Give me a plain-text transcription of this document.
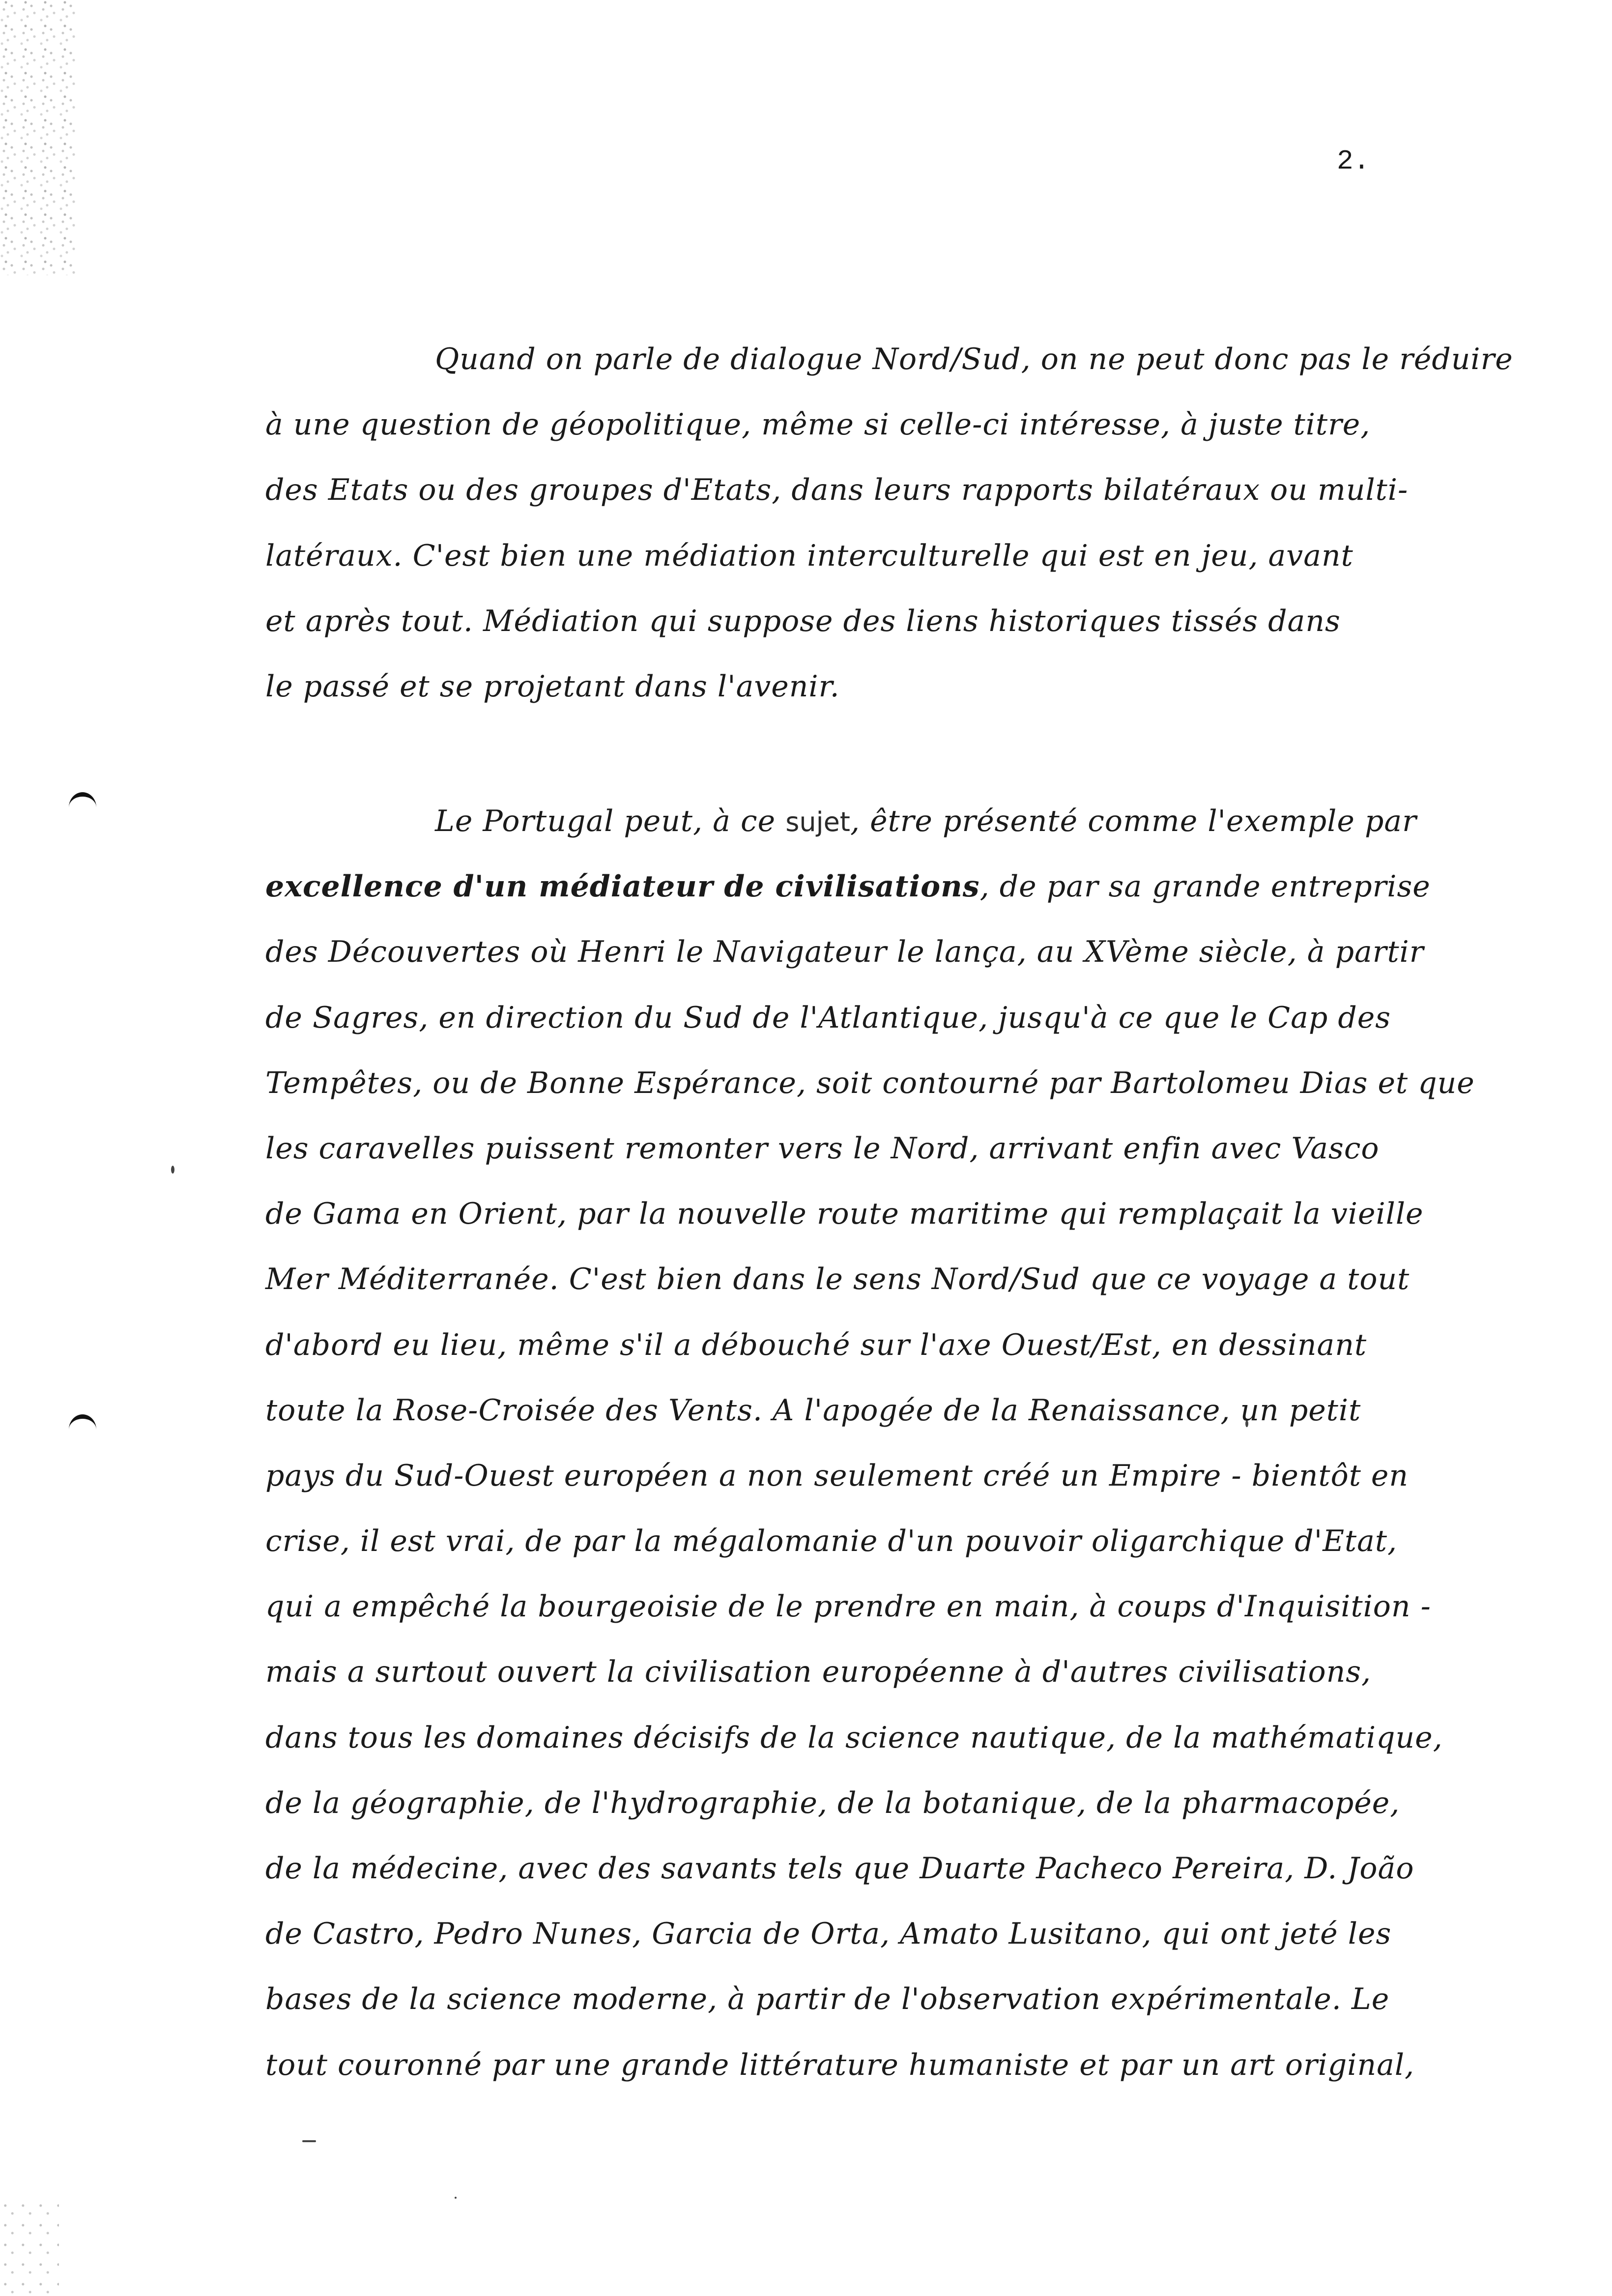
2.
Quand on parle de dialogue Nord/Sud, on ne peut donc pas le réduire
à une question de géopolitique, même si celle-ci intéresse, à juste titre,
des Etats ou des groupes d'Etats, dans leurs rapports bilatéraux ou multi-
latéraux. C'est bien une médiation interculturelle qui est en jeu, avant
et après tout. Médiation qui suppose des liens historiques tissés dans
le passé et se projetant dans l'avenir.
Le Portugal peut, à ce sujet, être présenté comme l'exemple par
excellence d'un médiateur de civilisations, de par sa grande entreprise
des Découvertes où Henri le Navigateur le lança, au XVème siècle, à partir
de Sagres, en direction du Sud de l'Atlantique, jusqu'à ce que le Cap des
Tempêtes, ou de Bonne Espérance, soit contourné par Bartolomeu Dias et que
les caravelles puissent remonter vers le Nord, arrivant enfin avec Vasco
de Gama en Orient, par la nouvelle route maritime qui remplaçait la vieille
Mer Méditerranée. C'est bien dans le sens Nord/Sud que ce voyage a tout
d'abord eu lieu, même s'il a débouché sur l'axe Ouest/Est, en dessinant
toute la Rose-Croisée des Vents. A l'apogée de la Renaissance, un petit
pays du Sud-Ouest européen a non seulement créé un Empire - bientôt en
crise, il est vrai, de par la mégalomanie d'un pouvoir oligarchique d'Etat,
qui a empêché la bourgeoisie de le prendre en main, à coups d'Inquisition -
mais a surtout ouvert la civilisation européenne à d'autres civilisations,
dans tous les domaines décisifs de la science nautique, de la mathématique,
de la géographie, de l'hydrographie, de la botanique, de la pharmacopée,
de la médecine, avec des savants tels que Duarte Pacheco Pereira, D. João
de Castro, Pedro Nunes, Garcia de Orta, Amato Lusitano, qui ont jeté les
bases de la science moderne, à partir de l'observation expérimentale. Le
tout couronné par une grande littérature humaniste et par un art original,
